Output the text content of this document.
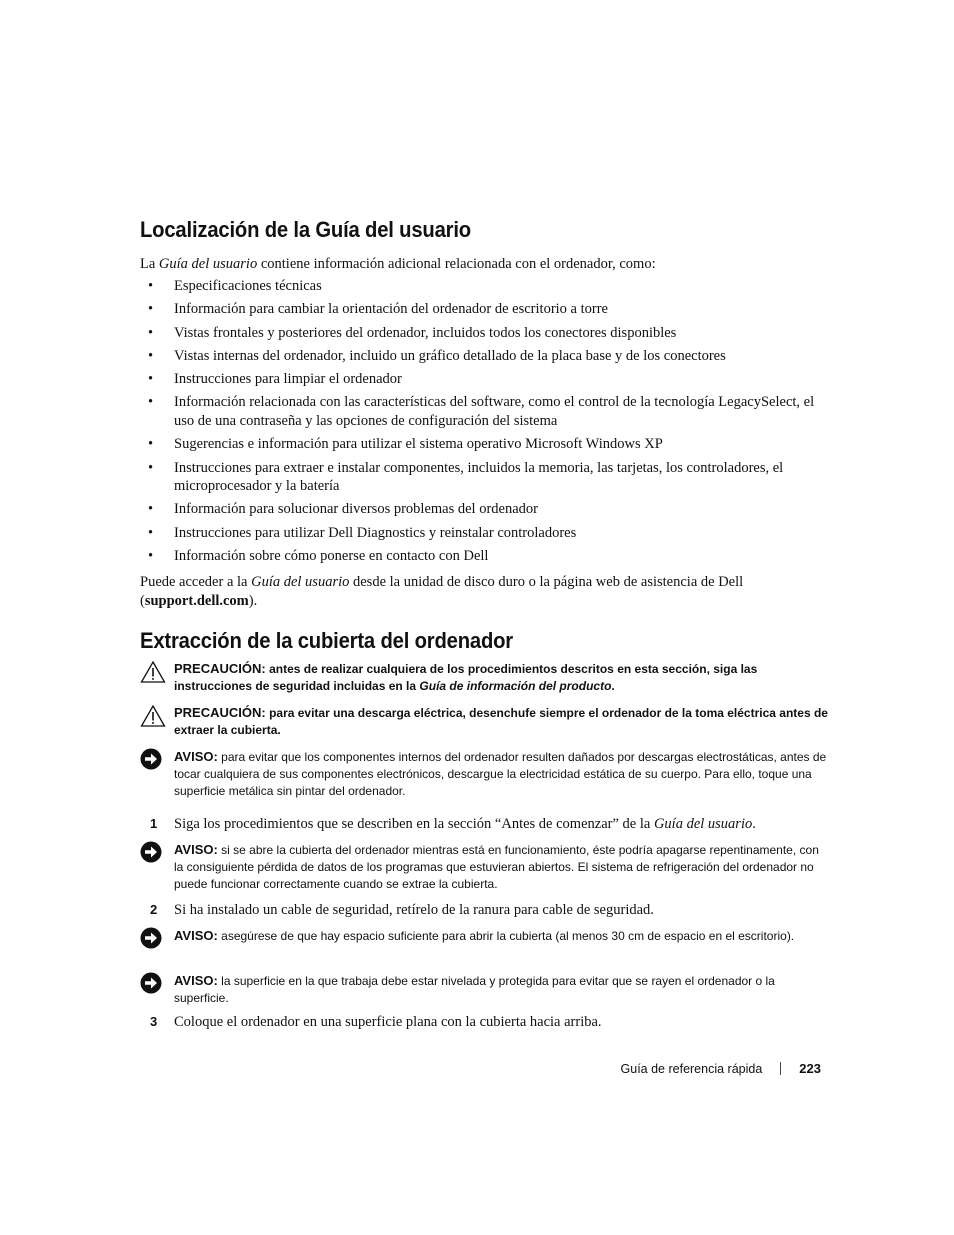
Localización de la Guía del usuario
La Guía del usuario contiene información adicional relacionada con el ordenador, como:
• Especificaciones técnicas
• Información para cambiar la orientación del ordenador de escritorio a torre
• Vistas frontales y posteriores del ordenador, incluidos todos los conectores disponibles
• Vistas internas del ordenador, incluido un gráfico detallado de la placa base y de los conectores
• Instrucciones para limpiar el ordenador
• Información relacionada con las características del software, como el control de la tecnología LegacySelect, el uso de una contraseña y las opciones de configuración del sistema
• Sugerencias e información para utilizar el sistema operativo Microsoft Windows XP
• Instrucciones para extraer e instalar componentes, incluidos la memoria, las tarjetas, los controladores, el microprocesador y la batería
• Información para solucionar diversos problemas del ordenador
• Instrucciones para utilizar Dell Diagnostics y reinstalar controladores
• Información sobre cómo ponerse en contacto con Dell
Puede acceder a la Guía del usuario desde la unidad de disco duro o la página web de asistencia de Dell (support.dell.com).
Extracción de la cubierta del ordenador
PRECAUCIÓN: antes de realizar cualquiera de los procedimientos descritos en esta sección, siga las instrucciones de seguridad incluidas en la Guía de información del producto.
PRECAUCIÓN: para evitar una descarga eléctrica, desenchufe siempre el ordenador de la toma eléctrica antes de extraer la cubierta.
AVISO: para evitar que los componentes internos del ordenador resulten dañados por descargas electrostáticas, antes de tocar cualquiera de sus componentes electrónicos, descargue la electricidad estática de su cuerpo. Para ello, toque una superficie metálica sin pintar del ordenador.
1 Siga los procedimientos que se describen en la sección “Antes de comenzar” de la Guía del usuario.
AVISO: si se abre la cubierta del ordenador mientras está en funcionamiento, éste podría apagarse repentinamente, con la consiguiente pérdida de datos de los programas que estuvieran abiertos. El sistema de refrigeración del ordenador no puede funcionar correctamente cuando se extrae la cubierta.
2 Si ha instalado un cable de seguridad, retírelo de la ranura para cable de seguridad.
AVISO: asegúrese de que hay espacio suficiente para abrir la cubierta (al menos 30 cm de espacio en el escritorio).
AVISO: la superficie en la que trabaja debe estar nivelada y protegida para evitar que se rayen el ordenador o la superficie.
3 Coloque el ordenador en una superficie plana con la cubierta hacia arriba.
Guía de referencia rápida	223
